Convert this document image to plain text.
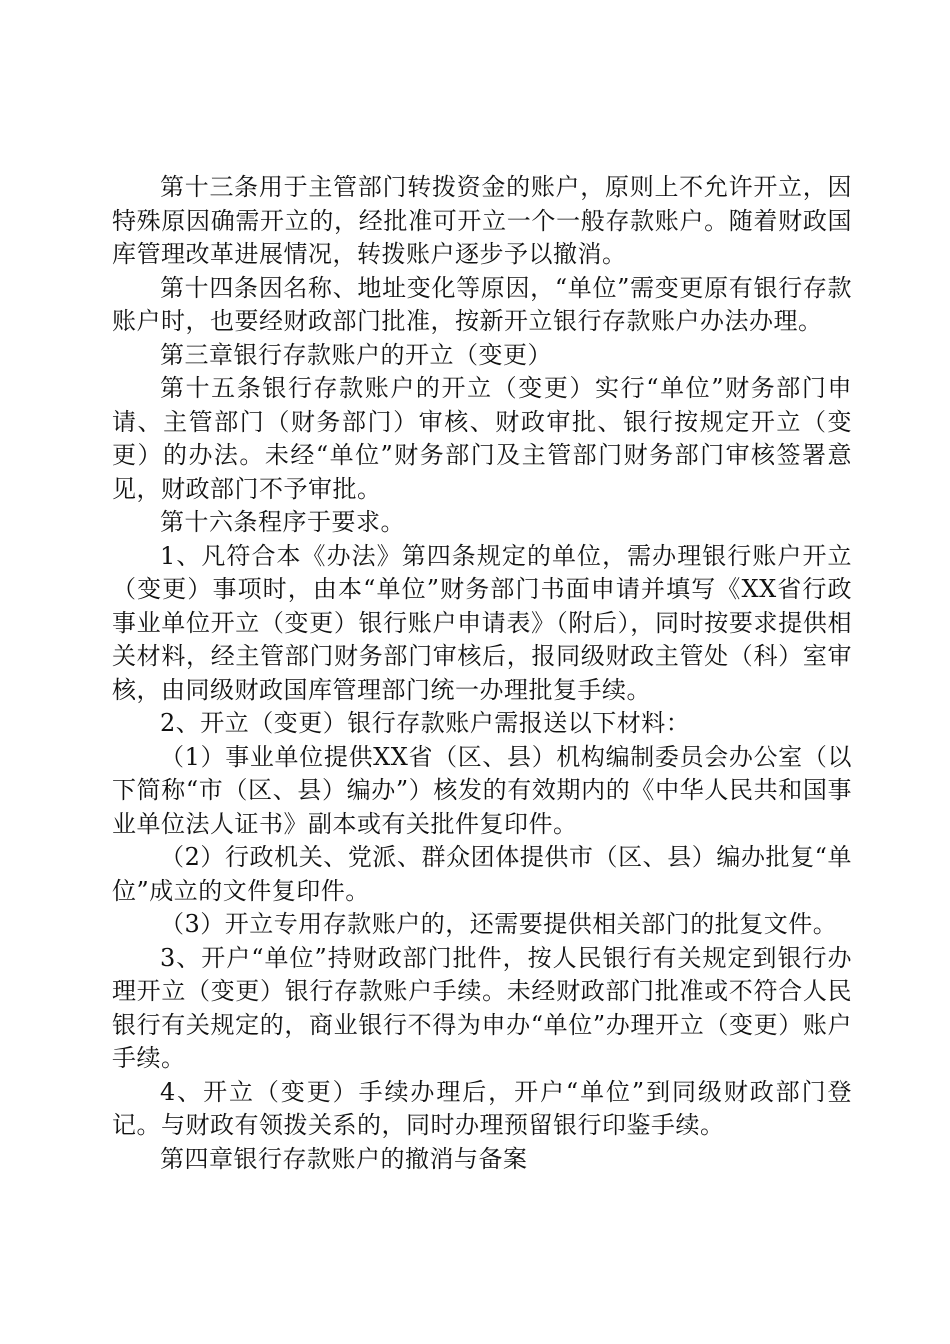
第十三条用于主管部门转拨资金的账户，原则上不允许开立，因特殊原因确需开立的，经批准可开立一个一般存款账户。随着财政国库管理改革进展情况，转拨账户逐步予以撤消。

第十四条因名称、地址变化等原因，“单位”需变更原有银行存款账户时，也要经财政部门批准，按新开立银行存款账户办法办理。

第三章银行存款账户的开立（变更）

第十五条银行存款账户的开立（变更）实行“单位”财务部门申请、主管部门（财务部门）审核、财政审批、银行按规定开立（变更）的办法。未经“单位”财务部门及主管部门财务部门审核签署意见，财政部门不予审批。

第十六条程序于要求。

1、凡符合本《办法》第四条规定的单位，需办理银行账户开立（变更）事项时，由本“单位”财务部门书面申请并填写《XX省行政事业单位开立（变更）银行账户申请表》（附后），同时按要求提供相关材料，经主管部门财务部门审核后，报同级财政主管处（科）室审核，由同级财政国库管理部门统一办理批复手续。

2、开立（变更）银行存款账户需报送以下材料：

（1）事业单位提供XX省（区、县）机构编制委员会办公室（以下简称“市（区、县）编办”）核发的有效期内的《中华人民共和国事业单位法人证书》副本或有关批件复印件。

（2）行政机关、党派、群众团体提供市（区、县）编办批复“单位”成立的文件复印件。

（3）开立专用存款账户的，还需要提供相关部门的批复文件。

3、开户“单位”持财政部门批件，按人民银行有关规定到银行办理开立（变更）银行存款账户手续。未经财政部门批准或不符合人民银行有关规定的，商业银行不得为申办“单位”办理开立（变更）账户手续。

4、开立（变更）手续办理后，开户“单位”到同级财政部门登记。与财政有领拨关系的，同时办理预留银行印鉴手续。

第四章银行存款账户的撤消与备案
